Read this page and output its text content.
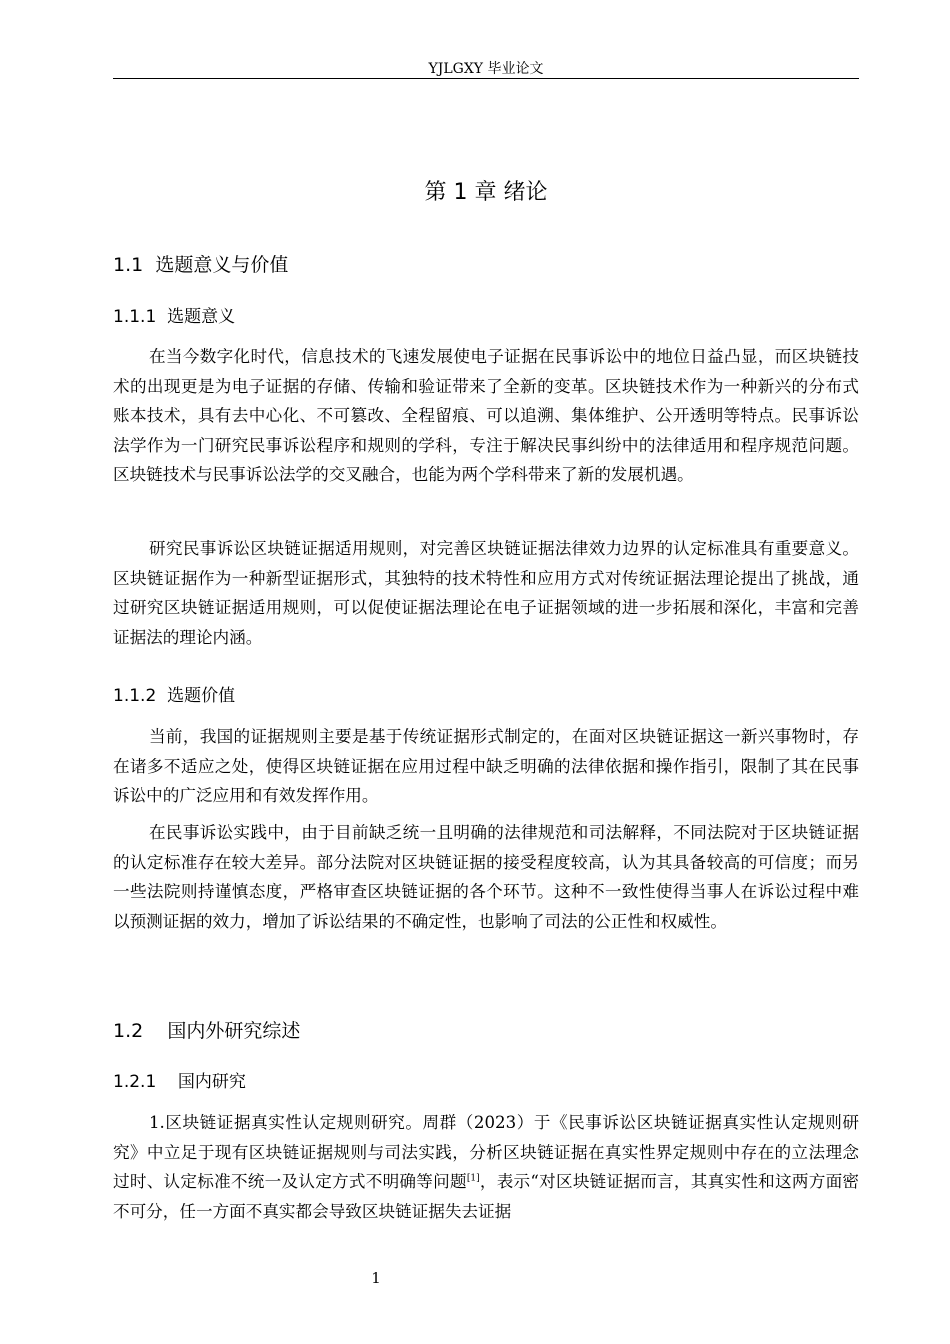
YJLGXY 毕业论文
第 1 章 绪论
1.1 选题意义与价值
1.1.1 选题意义

在当今数字化时代，信息技术的飞速发展使电子证据在民事诉讼中的地位日益凸显，而区块链技术的出现更是为电子证据的存储、传输和验证带来了全新的变革。区块链技术作为一种新兴的分布式账本技术，具有去中心化、不可篡改、全程留痕、可以追溯、集体维护、公开透明等特点。民事诉讼法学作为一门研究民事诉讼程序和规则的学科，专注于解决民事纠纷中的法律适用和程序规范问题。区块链技术与民事诉讼法学的交叉融合，也能为两个学科带来了新的发展机遇。

研究民事诉讼区块链证据适用规则，对完善区块链证据法律效力边界的认定标准具有重要意义。区块链证据作为一种新型证据形式，其独特的技术特性和应用方式对传统证据法理论提出了挑战，通过研究区块链证据适用规则，可以促使证据法理论在电子证据领域的进一步拓展和深化，丰富和完善证据法的理论内涵。

1.1.2 选题价值

当前，我国的证据规则主要是基于传统证据形式制定的，在面对区块链证据这一新兴事物时，存在诸多不适应之处，使得区块链证据在应用过程中缺乏明确的法律依据和操作指引，限制了其在民事诉讼中的广泛应用和有效发挥作用。

在民事诉讼实践中，由于目前缺乏统一且明确的法律规范和司法解释，不同法院对于区块链证据的认定标准存在较大差异。部分法院对区块链证据的接受程度较高，认为其具备较高的可信度；而另一些法院则持谨慎态度，严格审查区块链证据的各个环节。这种不一致性使得当事人在诉讼过程中难以预测证据的效力，增加了诉讼结果的不确定性，也影响了司法的公正性和权威性。

1.2 国内外研究综述
1.2.1 国内研究

1.区块链证据真实性认定规则研究。周群（2023）于《民事诉讼区块链证据真实性认定规则研究》中立足于现有区块链证据规则与司法实践，分析区块链证据在真实性界定规则中存在的立法理念过时、认定标准不统一及认定方式不明确等问题[1]，表示“对区块链证据而言，其真实性和这两方面密不可分，任一方面不真实都会导致区块链证据失去证据

1
